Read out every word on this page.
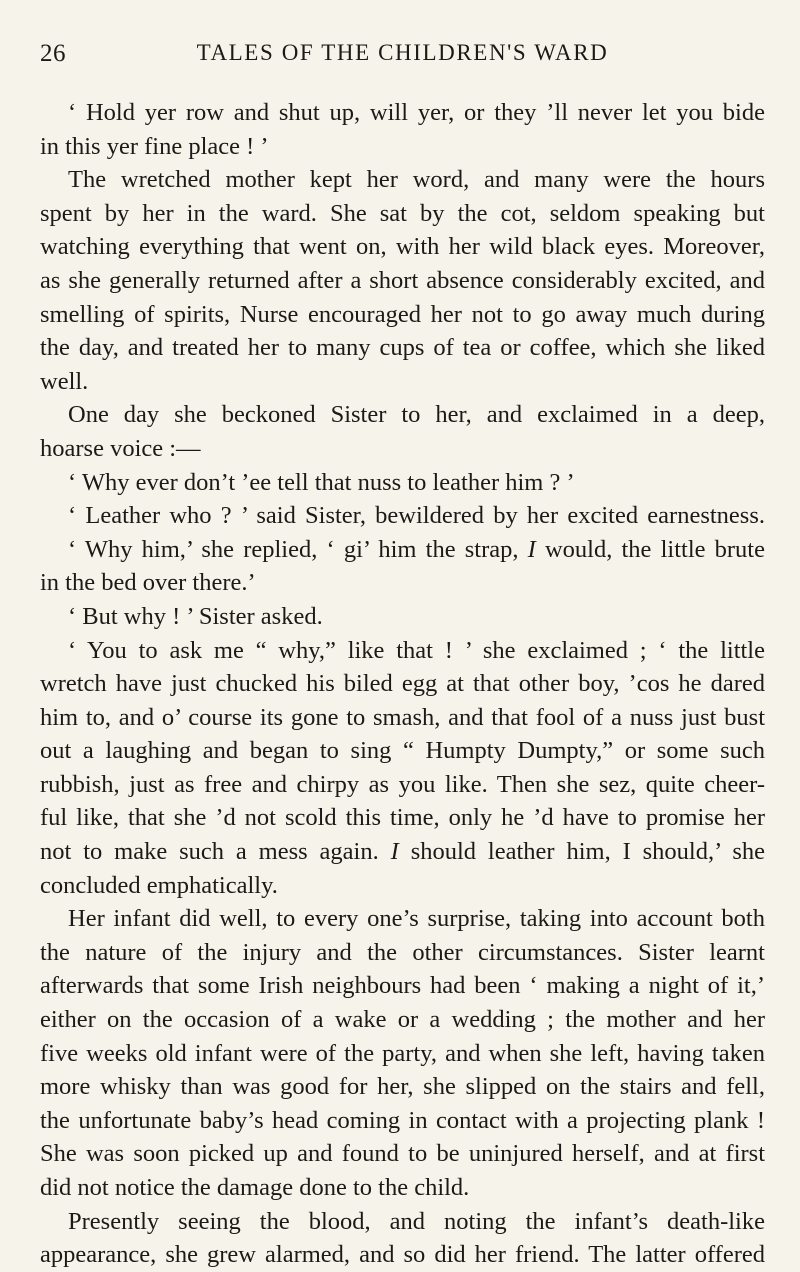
26	TALES OF THE CHILDREN'S WARD
‘ Hold yer row and shut up, will yer, or they ’ll never let you bide
in this yer fine place ! ’
The wretched mother kept her word, and many were the hours
spent by her in the ward. She sat by the cot, seldom speaking but
watching everything that went on, with her wild black eyes. Moreover,
as she generally returned after a short absence considerably excited, and
smelling of spirits, Nurse encouraged her not to go away much during
the day, and treated her to many cups of tea or coffee, which she liked
well.
One day she beckoned Sister to her, and exclaimed in a deep,
hoarse voice :—
‘ Why ever don’t ’ee tell that nuss to leather him ? ’
‘ Leather who ? ’ said Sister, bewildered by her excited earnestness.
‘ Why him,’ she replied, ‘ gi’ him the strap, I would, the little brute
in the bed over there.’
‘ But why ! ’ Sister asked.
‘ You to ask me “ why,” like that ! ’ she exclaimed ; ‘ the little
wretch have just chucked his biled egg at that other boy, ’cos he dared
him to, and o’ course its gone to smash, and that fool of a nuss just bust
out a laughing and began to sing “ Humpty Dumpty,” or some such
rubbish, just as free and chirpy as you like. Then she sez, quite cheer-
ful like, that she ’d not scold this time, only he ’d have to promise her
not to make such a mess again. I should leather him, I should,’ she
concluded emphatically.
Her infant did well, to every one’s surprise, taking into account both
the nature of the injury and the other circumstances. Sister learnt
afterwards that some Irish neighbours had been ‘ making a night of it,’
either on the occasion of a wake or a wedding ; the mother and her
five weeks old infant were of the party, and when she left, having taken
more whisky than was good for her, she slipped on the stairs and fell,
the unfortunate baby’s head coming in contact with a projecting plank !
She was soon picked up and found to be uninjured herself, and at first
did not notice the damage done to the child.
Presently seeing the blood, and noting the infant’s death-like
appearance, she grew alarmed, and so did her friend. The latter offered
